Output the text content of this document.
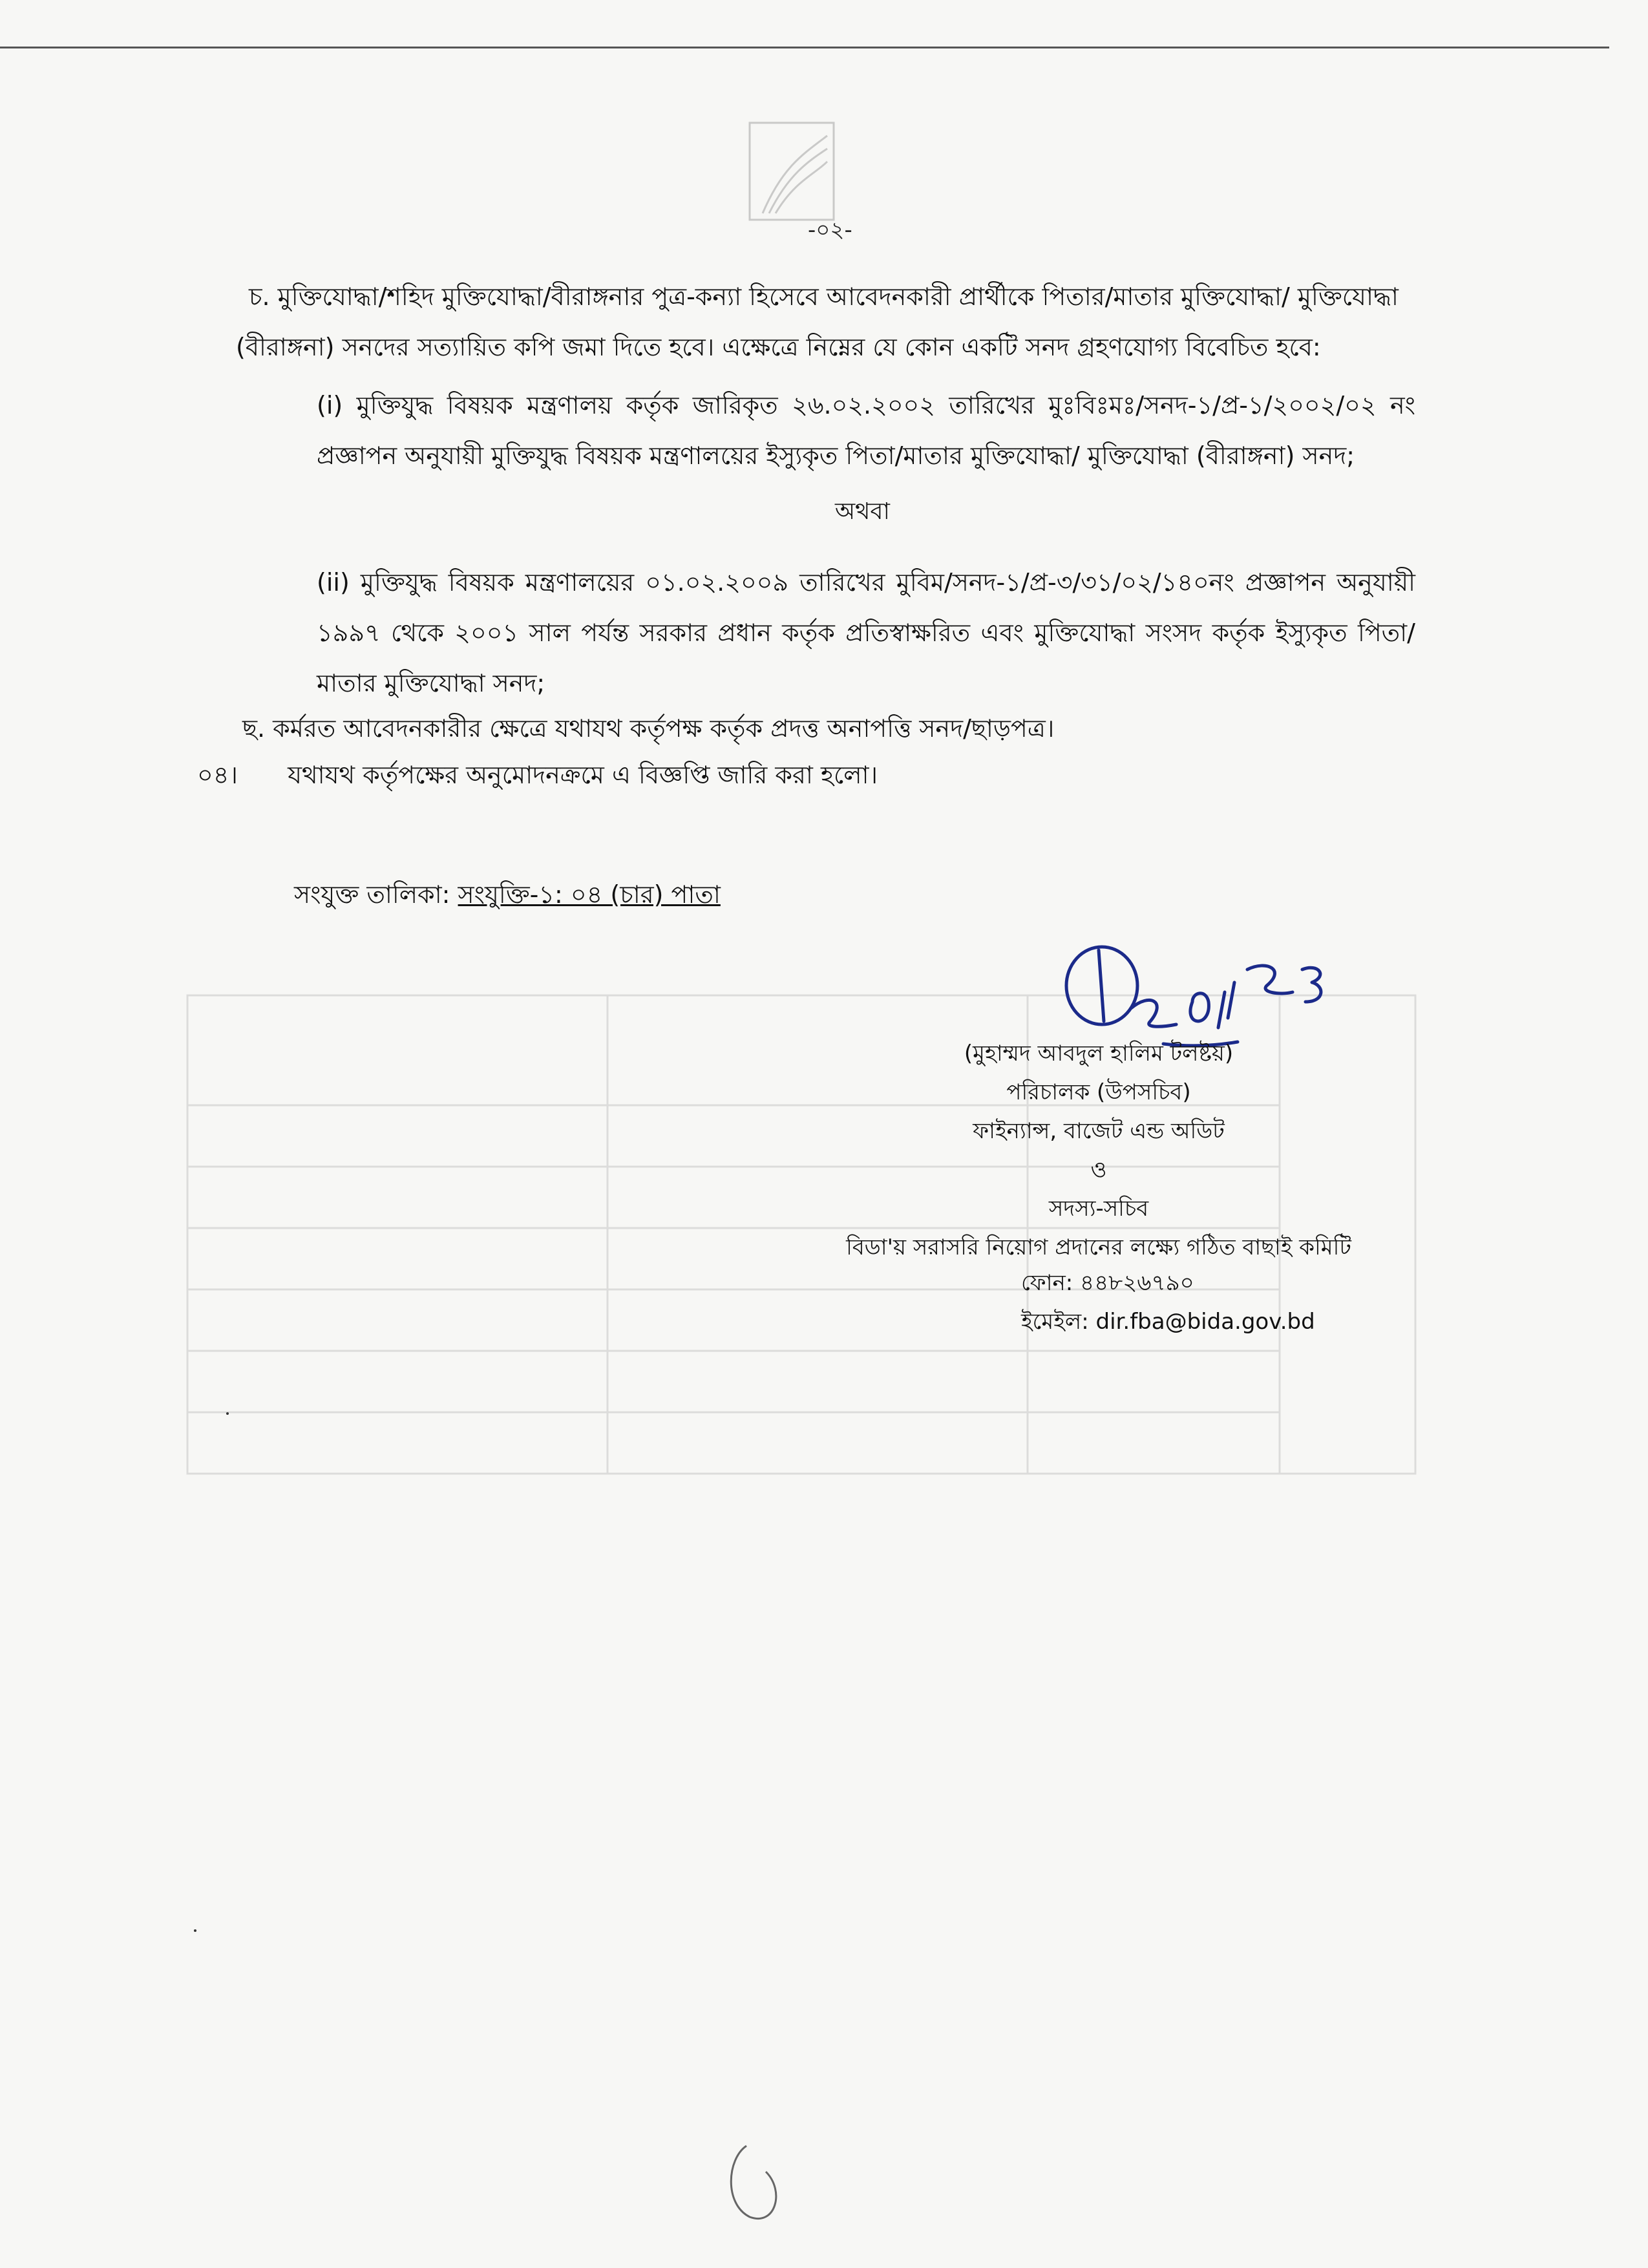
-০২-
চ. মুক্তিযোদ্ধা/শহিদ মুক্তিযোদ্ধা/বীরাঙ্গনার পুত্র-কন্যা হিসেবে আবেদনকারী প্রার্থীকে পিতার/মাতার মুক্তিযোদ্ধা/ মুক্তিযোদ্ধা
(বীরাঙ্গনা) সনদের সত্যায়িত কপি জমা দিতে হবে। এক্ষেত্রে নিম্নের যে কোন একটি সনদ গ্রহণযোগ্য বিবেচিত হবে:
(i) মুক্তিযুদ্ধ বিষয়ক মন্ত্রণালয় কর্তৃক জারিকৃত ২৬.০২.২০০২ তারিখের মুঃবিঃমঃ/সনদ-১/প্র-১/২০০২/০২ নং প্রজ্ঞাপন অনুযায়ী মুক্তিযুদ্ধ বিষয়ক মন্ত্রণালয়ের ইস্যুকৃত পিতা/মাতার মুক্তিযোদ্ধা/ মুক্তিযোদ্ধা (বীরাঙ্গনা) সনদ;
অথবা
(ii) মুক্তিযুদ্ধ বিষয়ক মন্ত্রণালয়ের ০১.০২.২০০৯ তারিখের মুবিম/সনদ-১/প্র-৩/৩১/০২/১৪০নং প্রজ্ঞাপন অনুযায়ী ১৯৯৭ থেকে ২০০১ সাল পর্যন্ত সরকার প্রধান কর্তৃক প্রতিস্বাক্ষরিত এবং মুক্তিযোদ্ধা সংসদ কর্তৃক ইস্যুকৃত পিতা/মাতার মুক্তিযোদ্ধা সনদ;
ছ. কর্মরত আবেদনকারীর ক্ষেত্রে যথাযথ কর্তৃপক্ষ কর্তৃক প্রদত্ত অনাপত্তি সনদ/ছাড়পত্র।
০৪। যথাযথ কর্তৃপক্ষের অনুমোদনক্রমে এ বিজ্ঞপ্তি জারি করা হলো।
সংযুক্ত তালিকা: সংযুক্তি-১: ০৪ (চার) পাতা
(মুহাম্মদ আবদুল হালিম টলষ্টয়)
পরিচালক (উপসচিব)
ফাইন্যান্স, বাজেট এন্ড অডিট
ও
সদস্য-সচিব
বিডা'য় সরাসরি নিয়োগ প্রদানের লক্ষ্যে গঠিত বাছাই কমিটি
ফোন: ৪৪৮২৬৭৯০
ইমেইল: dir.fba@bida.gov.bd
